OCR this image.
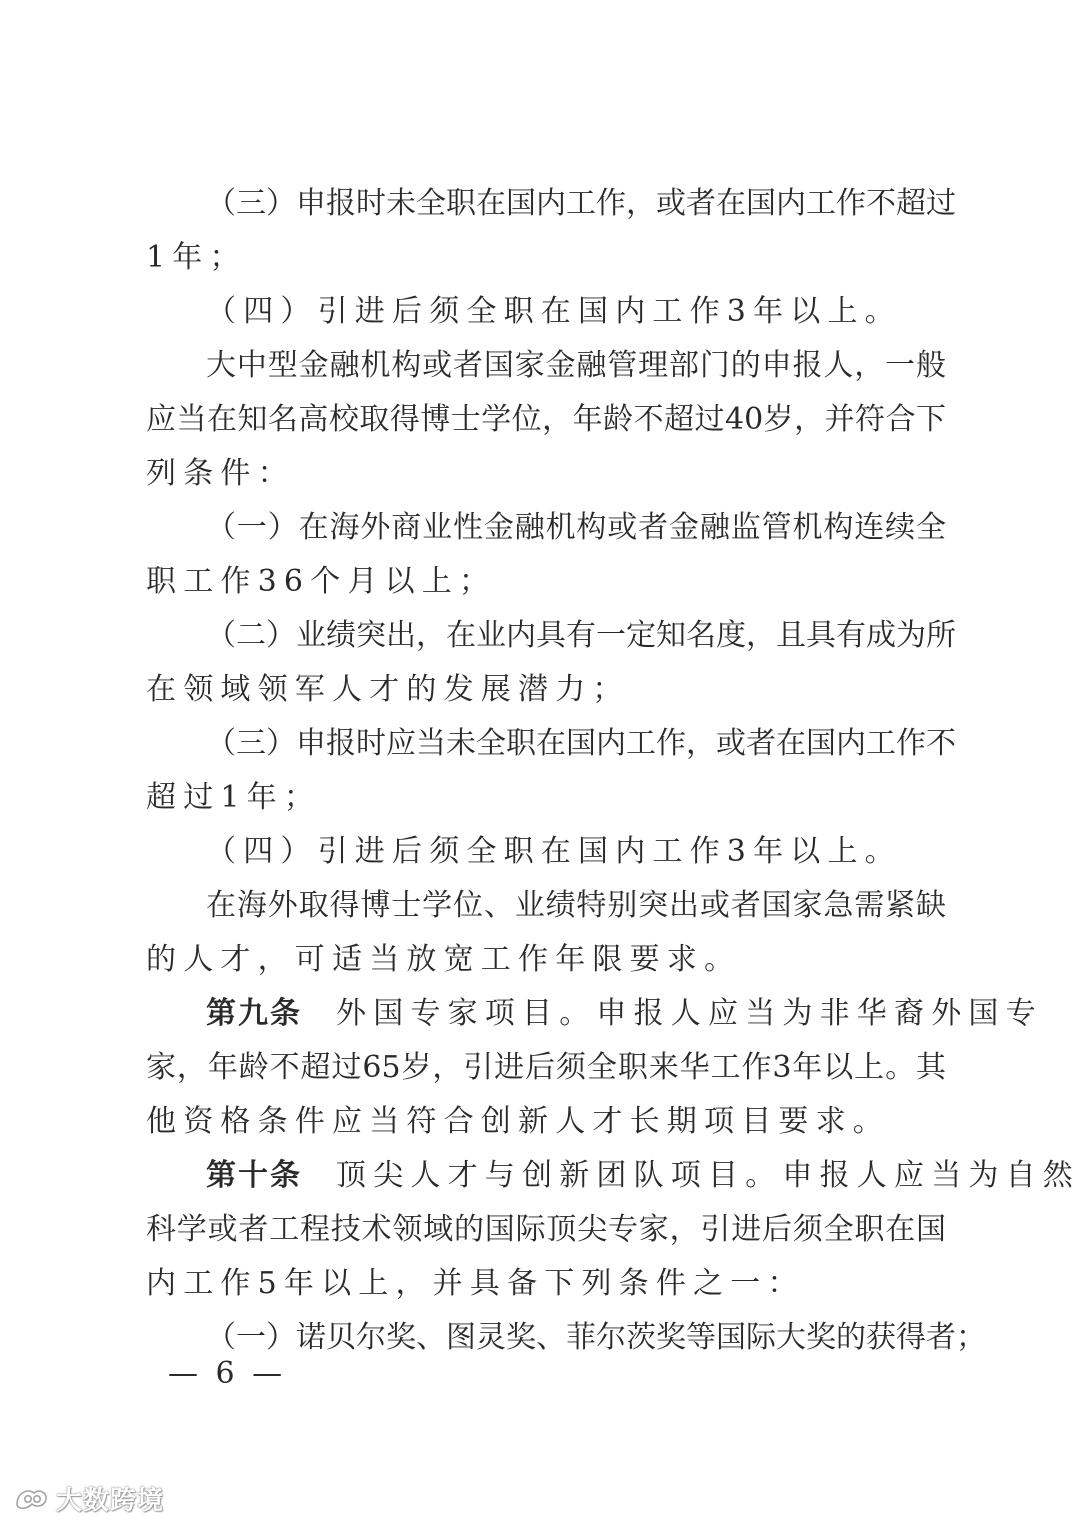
（三）申报时未全职在国内工作，或者在国内工作不超过
1年；
（四）引进后须全职在国内工作3年以上。
大中型金融机构或者国家金融管理部门的申报人，一般
应当在知名高校取得博士学位，年龄不超过40岁，并符合下
列条件：
（一）在海外商业性金融机构或者金融监管机构连续全
职工作36个月以上；
（二）业绩突出，在业内具有一定知名度，且具有成为所
在领域领军人才的发展潜力；
（三）申报时应当未全职在国内工作，或者在国内工作不
超过1年；
（四）引进后须全职在国内工作3年以上。
在海外取得博士学位、业绩特别突出或者国家急需紧缺
的人才，可适当放宽工作年限要求。
第九条 外国专家项目。申报人应当为非华裔外国专
家，年龄不超过65岁，引进后须全职来华工作3年以上。其
他资格条件应当符合创新人才长期项目要求。
第十条 顶尖人才与创新团队项目。申报人应当为自然
科学或者工程技术领域的国际顶尖专家，引进后须全职在国
内工作5年以上，并具备下列条件之一：
（一）诺贝尔奖、图灵奖、菲尔茨奖等国际大奖的获得者；
— 6 —
大数跨境
